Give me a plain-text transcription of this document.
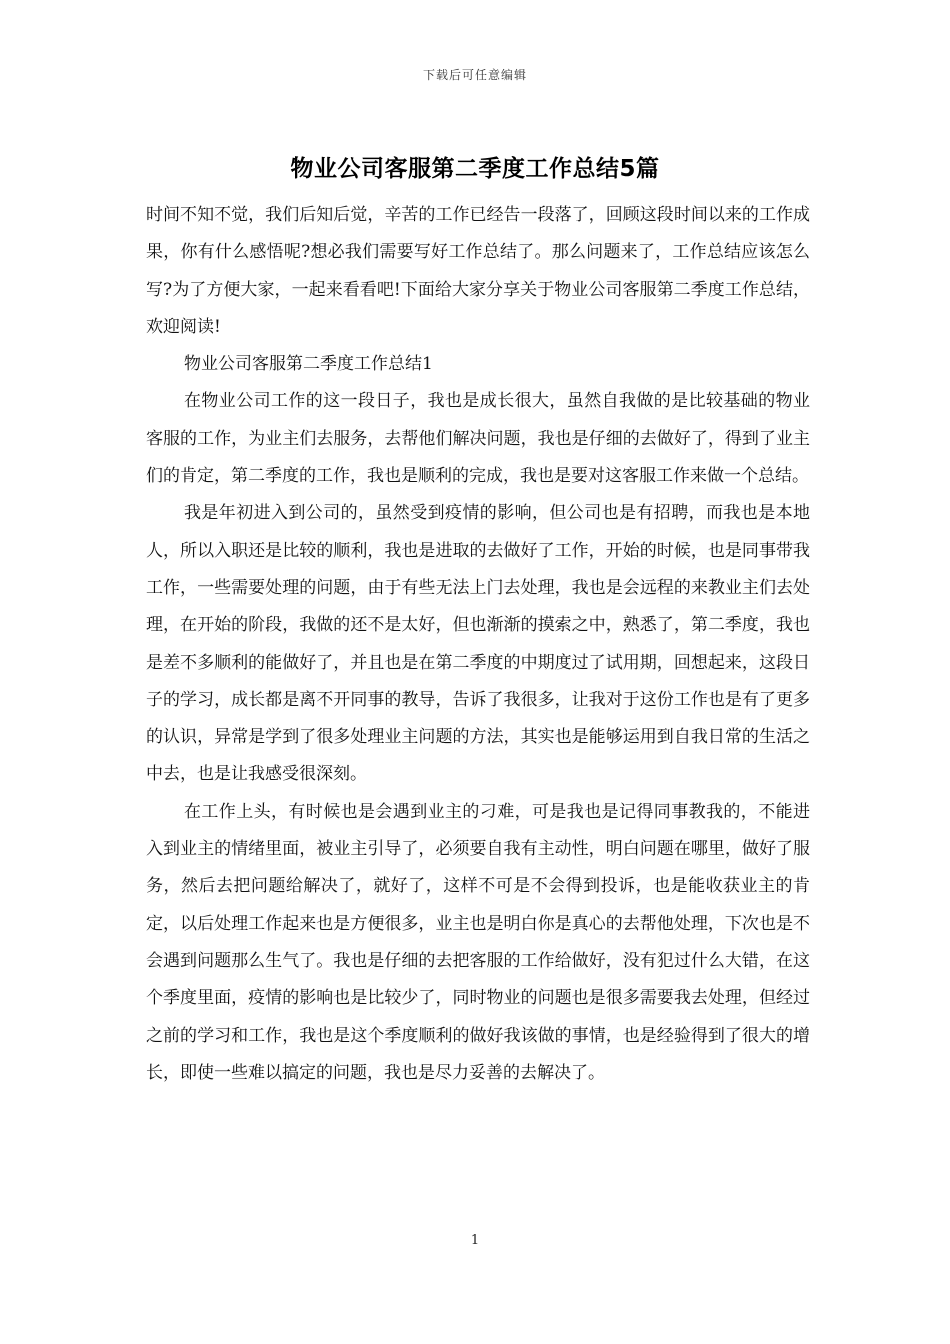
下载后可任意编辑
物业公司客服第二季度工作总结5篇

时间不知不觉，我们后知后觉，辛苦的工作已经告一段落了，回顾这段时间以来的工作成果，你有什么感悟呢?想必我们需要写好工作总结了。那么问题来了，工作总结应该怎么写?为了方便大家，一起来看看吧!下面给大家分享关于物业公司客服第二季度工作总结，欢迎阅读!

物业公司客服第二季度工作总结1

在物业公司工作的这一段日子，我也是成长很大，虽然自我做的是比较基础的物业客服的工作，为业主们去服务，去帮他们解决问题，我也是仔细的去做好了，得到了业主们的肯定，第二季度的工作，我也是顺利的完成，我也是要对这客服工作来做一个总结。

我是年初进入到公司的，虽然受到疫情的影响，但公司也是有招聘，而我也是本地人，所以入职还是比较的顺利，我也是进取的去做好了工作，开始的时候，也是同事带我工作，一些需要处理的问题，由于有些无法上门去处理，我也是会远程的来教业主们去处理，在开始的阶段，我做的还不是太好，但也渐渐的摸索之中，熟悉了，第二季度，我也是差不多顺利的能做好了，并且也是在第二季度的中期度过了试用期，回想起来，这段日子的学习，成长都是离不开同事的教导，告诉了我很多，让我对于这份工作也是有了更多的认识，异常是学到了很多处理业主问题的方法，其实也是能够运用到自我日常的生活之中去，也是让我感受很深刻。

在工作上头，有时候也是会遇到业主的刁难，可是我也是记得同事教我的，不能进入到业主的情绪里面，被业主引导了，必须要自我有主动性，明白问题在哪里，做好了服务，然后去把问题给解决了，就好了，这样不可是不会得到投诉，也是能收获业主的肯定，以后处理工作起来也是方便很多，业主也是明白你是真心的去帮他处理，下次也是不会遇到问题那么生气了。我也是仔细的去把客服的工作给做好，没有犯过什么大错，在这个季度里面，疫情的影响也是比较少了，同时物业的问题也是很多需要我去处理，但经过之前的学习和工作，我也是这个季度顺利的做好我该做的事情，也是经验得到了很大的增长，即使一些难以搞定的问题，我也是尽力妥善的去解决了。

1
